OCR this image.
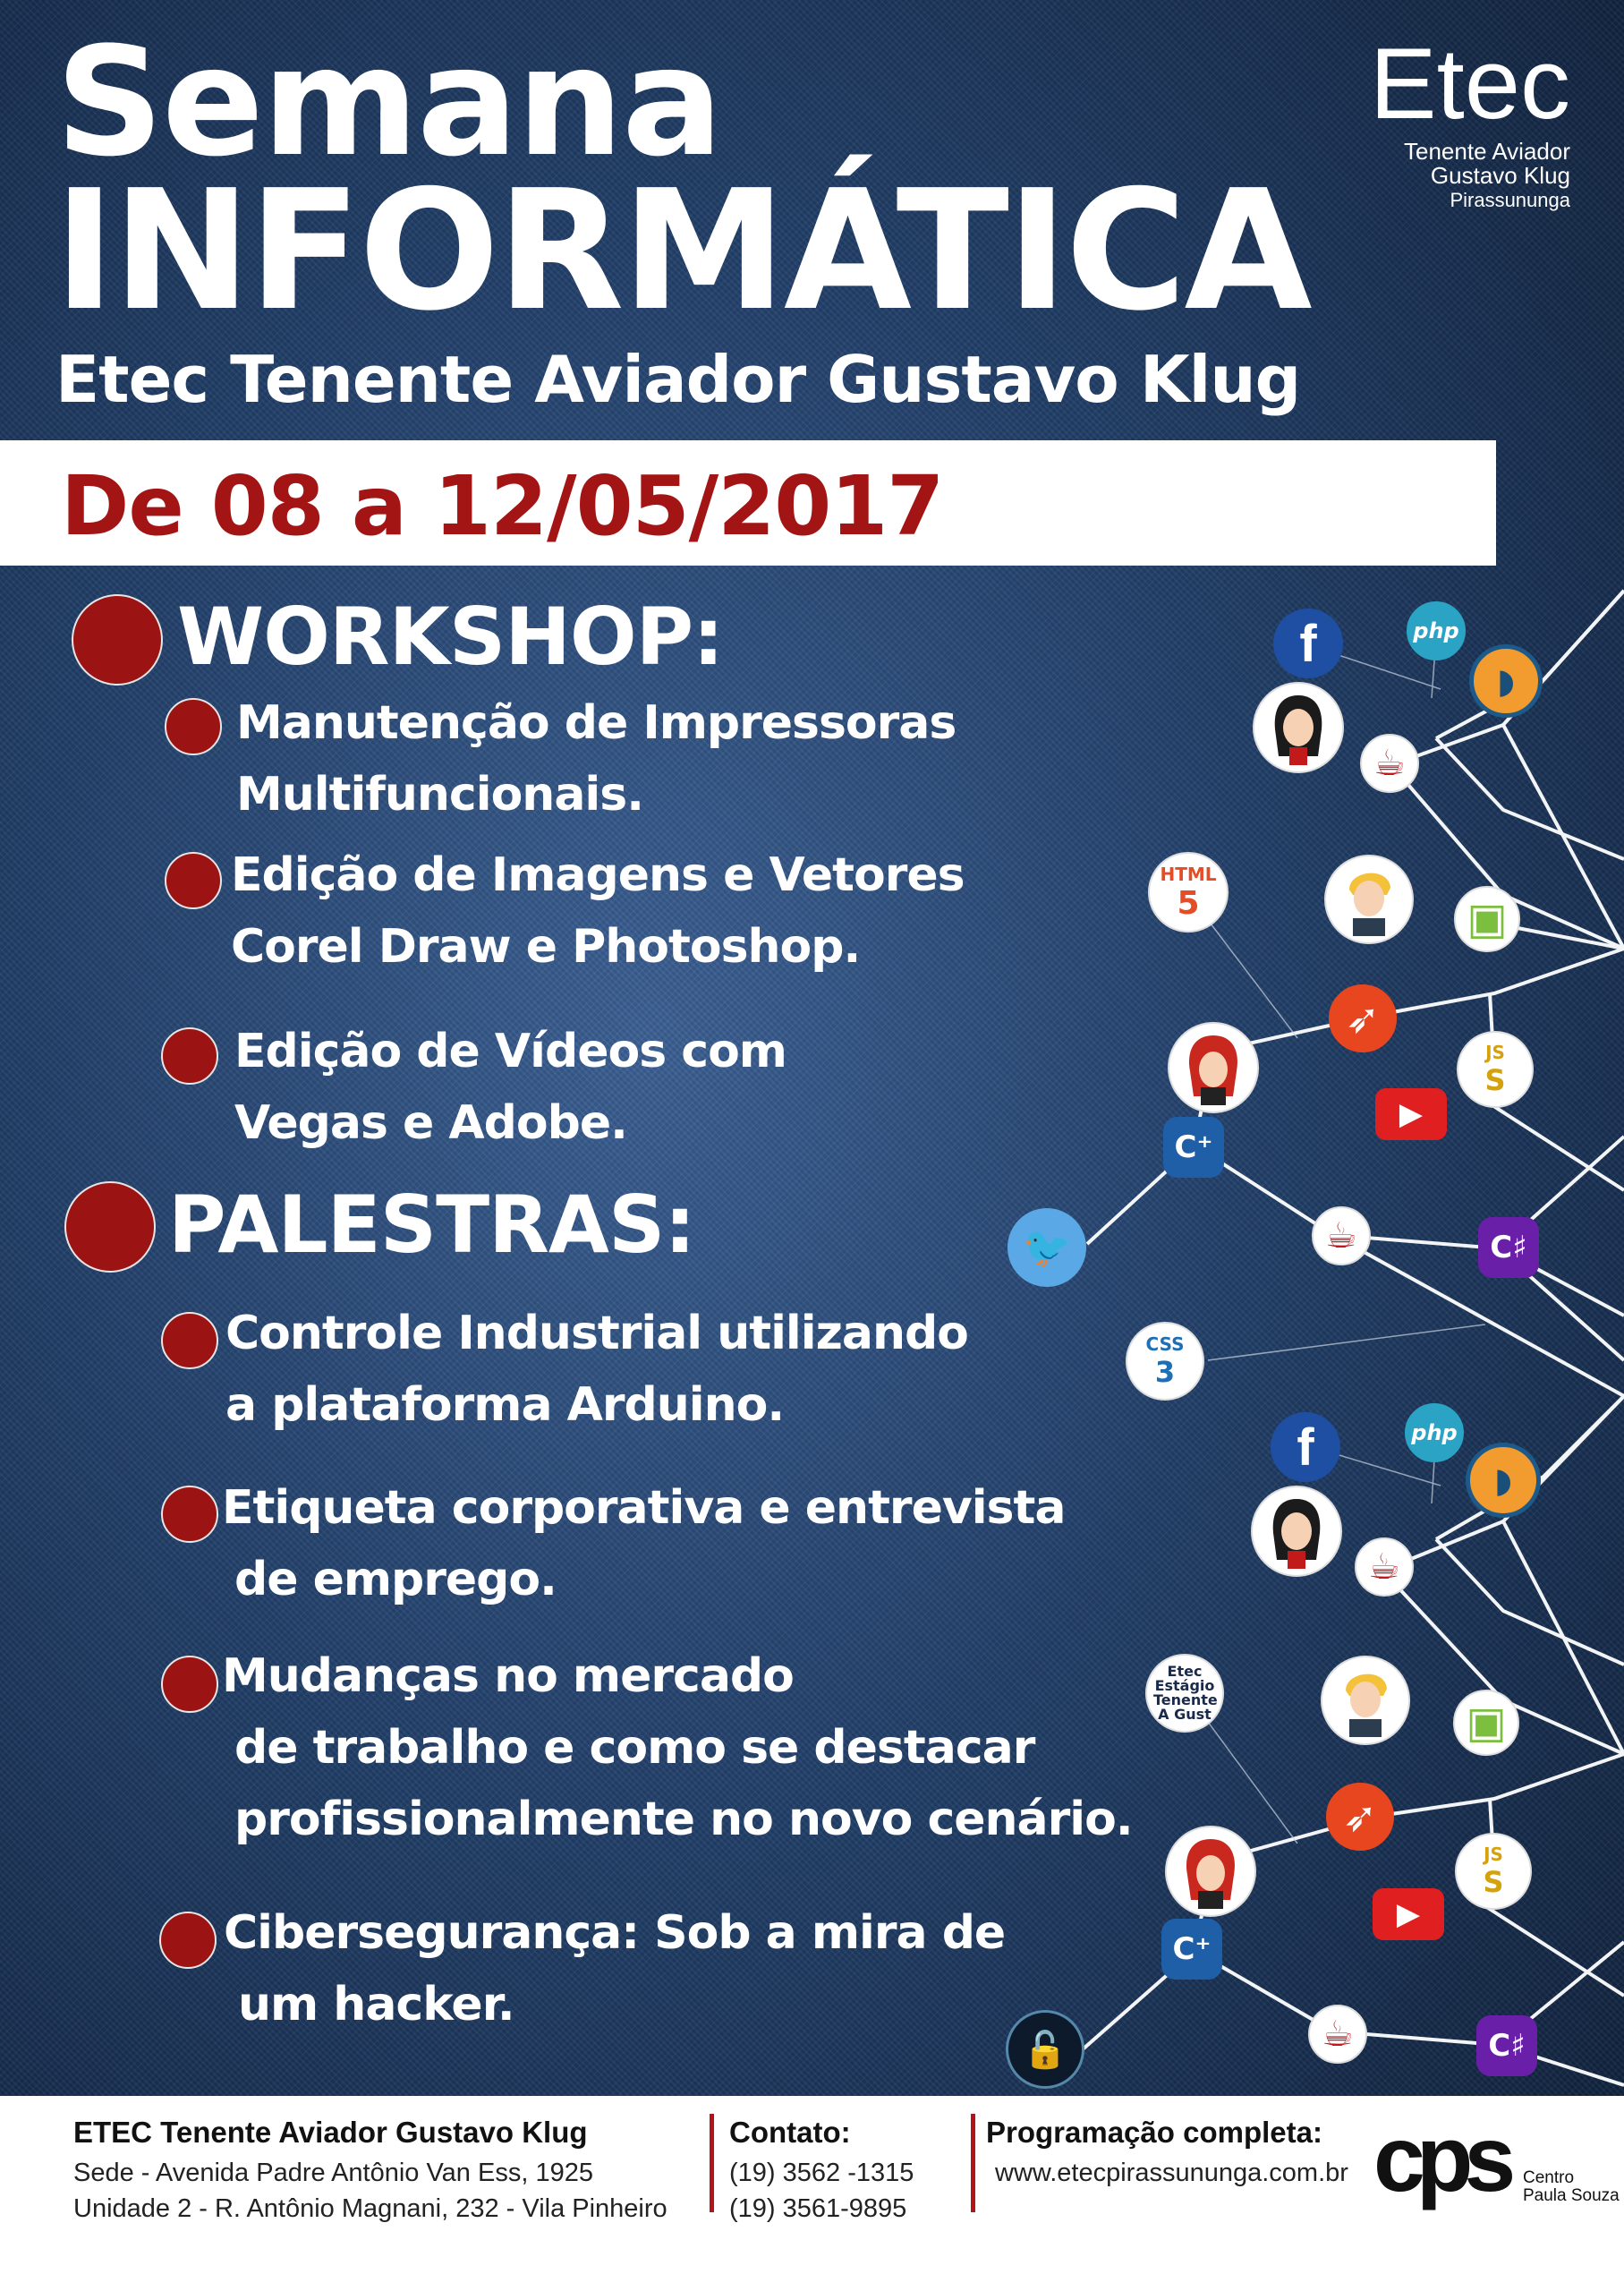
Semana
INFORMÁTICA
Etec Tenente Aviador Gustavo Klug
Etec
Tenente Aviador
Gustavo Klug
Pirassununga
De 08 a 12/05/2017
WORKSHOP:
Manutenção de Impressoras
Multifuncionais.
Edição de Imagens e Vetores
Corel Draw e Photoshop.
Edição de Vídeos com
Vegas e Adobe.
PALESTRAS:
Controle Industrial utilizando
a plataforma Arduino.
Etiqueta corporativa e entrevista
de emprego.
Mudanças no mercado
de trabalho e como se destacar
profissionalmente no novo cenário.
Cibersegurança: Sob a mira de
um hacker.
f	php
◗
☕
HTML
5	▣
➶
JS
S
▶
C⁺
🐦	☕	C♯
CSS
3
f	php
◗
☕
Etec Estágio Tenente A Gust	▣
➶
JS
S
▶
C⁺
🔓	☕	C♯
ETEC Tenente Aviador Gustavo Klug
Sede - Avenida Padre Antônio Van Ess, 1925
Unidade 2 - R. Antônio Magnani, 232 - Vila Pinheiro
Contato:
(19) 3562 -1315
(19) 3561-9895
Programação completa:
www.etecpirassununga.com.br cps Centro
Paula Souza
